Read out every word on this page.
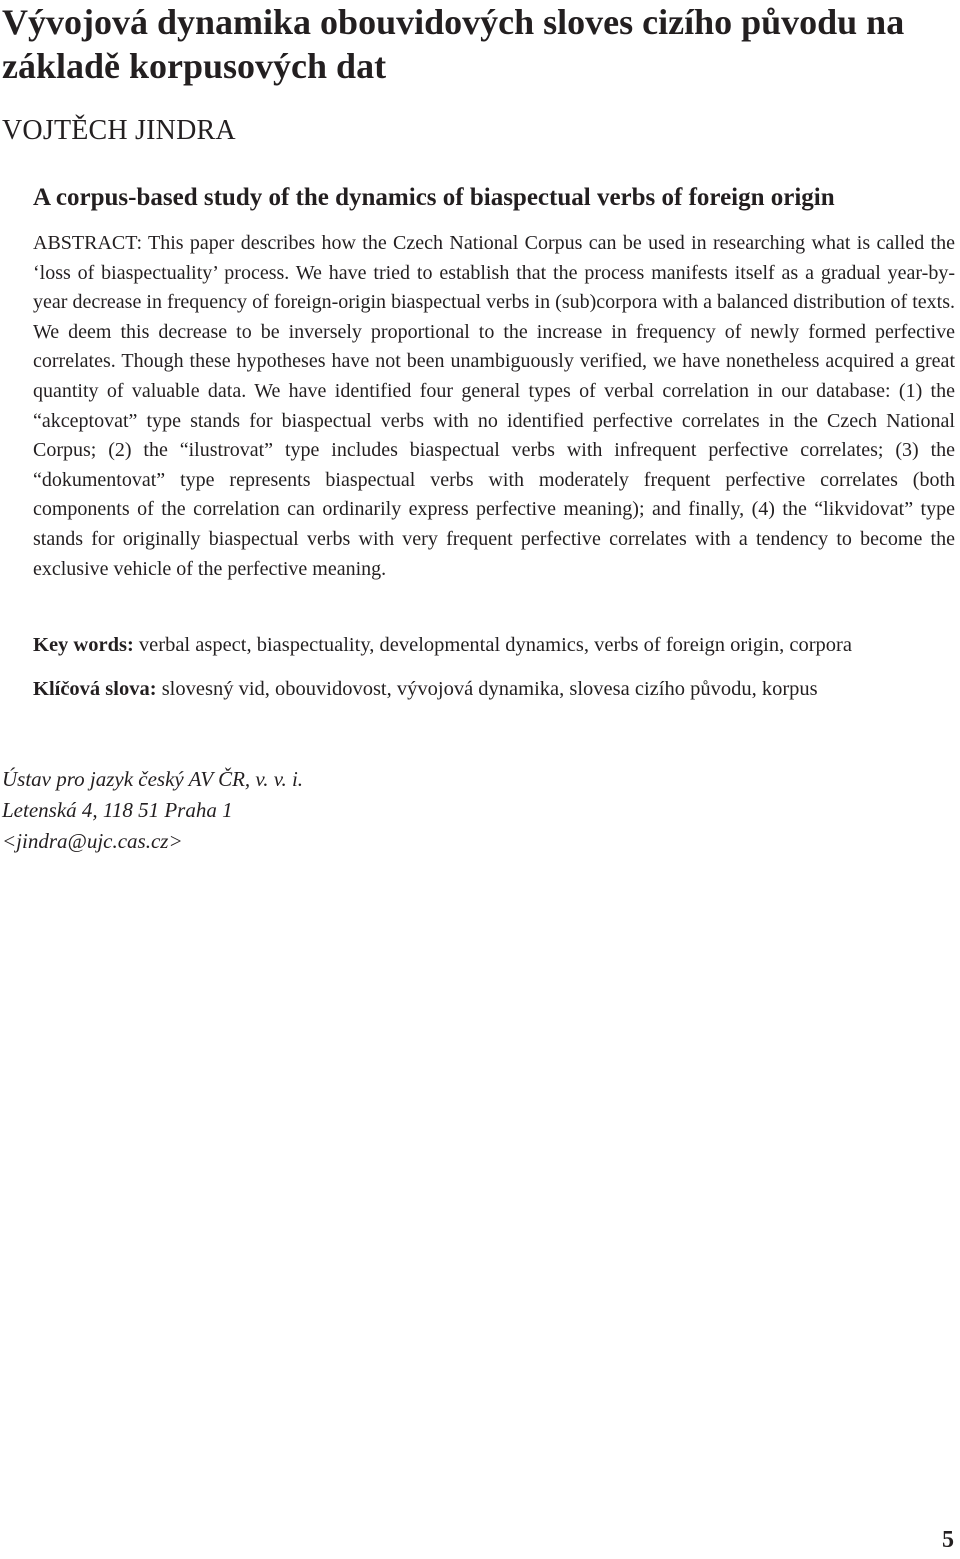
Vývojová dynamika obouvidových sloves cizího původu na základě korpusových dat
VOJTĚCH JINDRA
A corpus-based study of the dynamics of biaspectual verbs of foreign origin

ABSTRACT: This paper describes how the Czech National Corpus can be used in researching what is called the ‘loss of biaspectuality’ process. We have tried to establish that the process manifests itself as a gradual year-by-year decrease in frequency of foreign-origin biaspectual verbs in (sub)corpora with a balanced distribution of texts. We deem this decrease to be inversely proportional to the increase in frequency of newly formed perfective correlates. Though these hypotheses have not been unambiguously verified, we have nonetheless acquired a great quantity of valuable data. We have identified four general types of verbal correlation in our database: (1) the “akceptovat” type stands for biaspectual verbs with no identified perfective correlates in the Czech National Corpus; (2) the “ilustrovat” type includes biaspectual verbs with infrequent perfective correlates; (3) the “dokumentovat” type represents biaspectual verbs with moderately frequent perfective correlates (both components of the correlation can ordinarily express perfective meaning); and finally, (4) the “likvidovat” type stands for originally biaspectual verbs with very frequent perfective correlates with a tendency to become the exclusive vehicle of the perfective meaning.

Key words: verbal aspect, biaspectuality, developmental dynamics, verbs of foreign origin, corpora

Klíčová slova: slovesný vid, obouvidovost, vývojová dynamika, slovesa cizího původu, korpus

Ústav pro jazyk český AV ČR, v. v. i.
Letenská 4, 118 51 Praha 1
<jindra@ujc.cas.cz>
5
